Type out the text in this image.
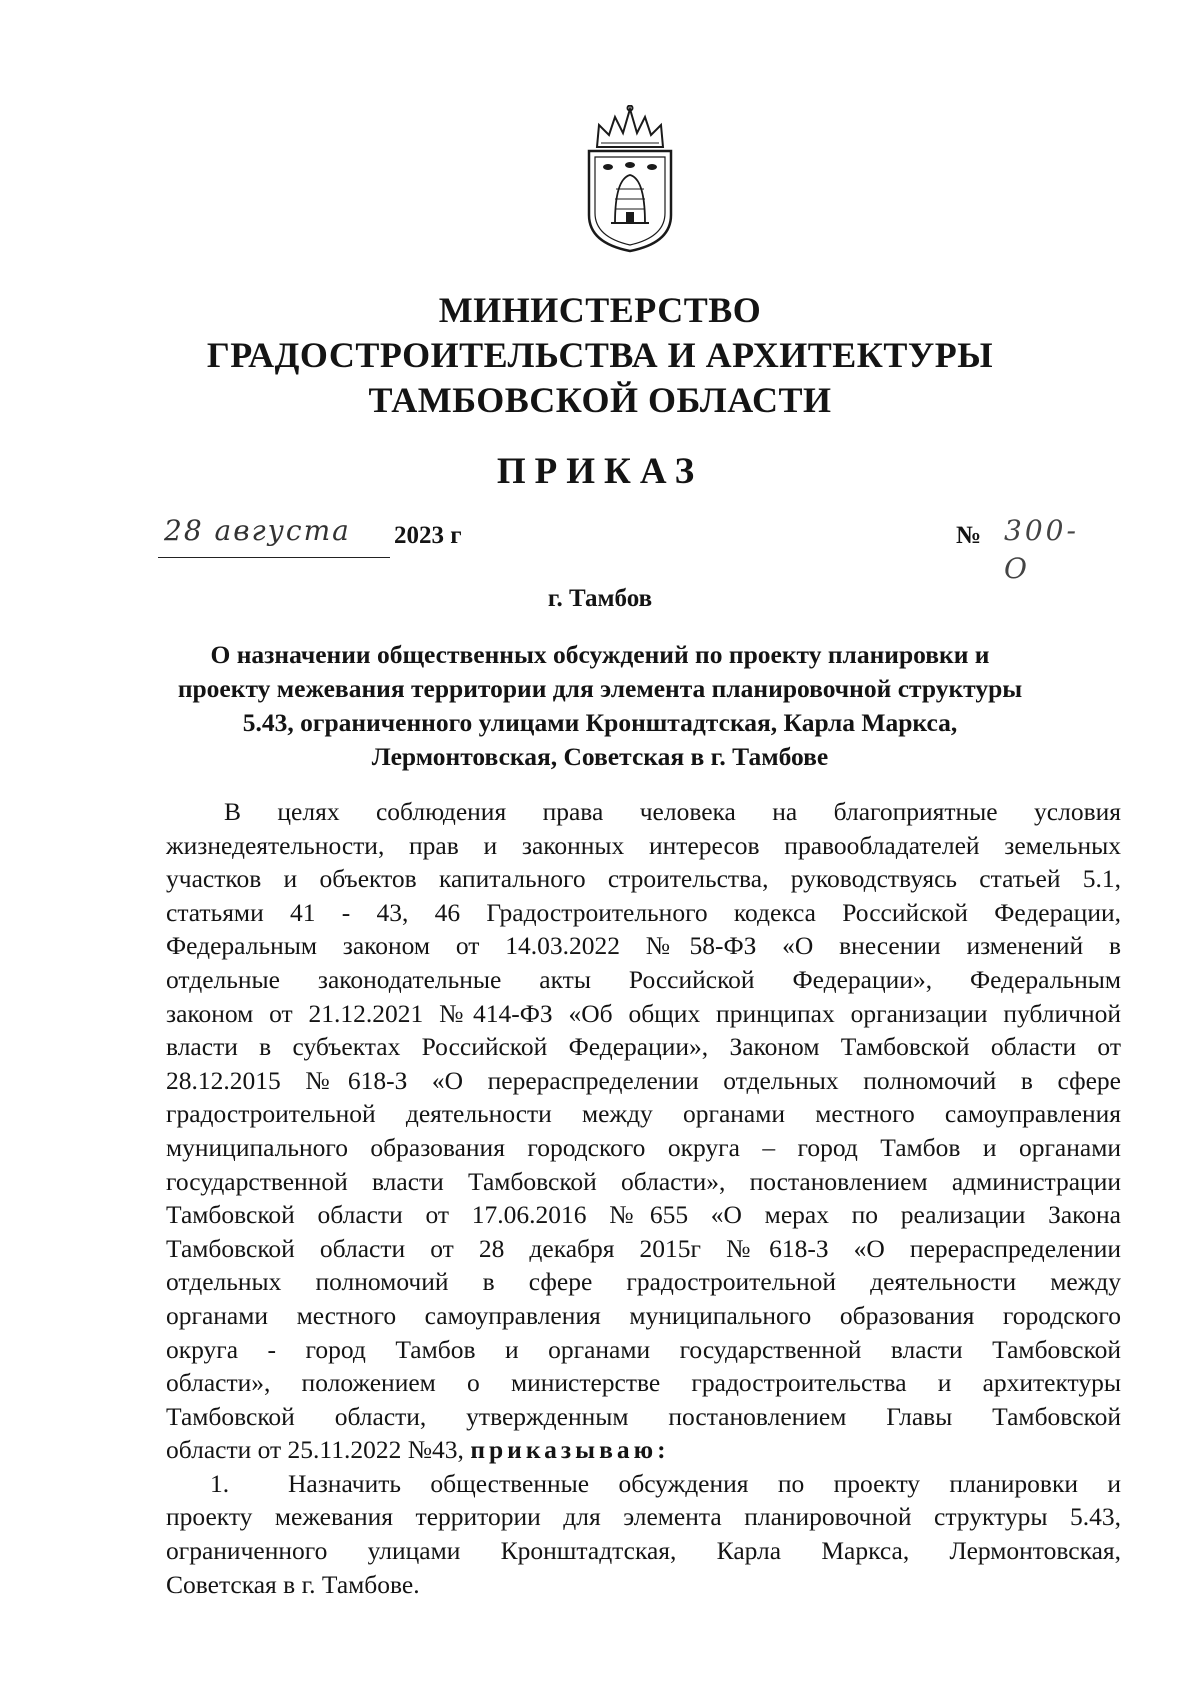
МИНИСТЕРСТВО
ГРАДОСТРОИТЕЛЬСТВА И АРХИТЕКТУРЫ
ТАМБОВСКОЙ ОБЛАСТИ
ПРИКАЗ
28 августа	2023 г	№ 300-О
г. Тамбов
О назначении общественных обсуждений по проекту планировки и
проекту межевания территории для элемента планировочной структуры
5.43, ограниченного улицами Кронштадтская, Карла Маркса,
Лермонтовская, Советская в г. Тамбове
В целях соблюдения права человека на благоприятные условия
жизнедеятельности, прав и законных интересов правообладателей земельных
участков и объектов капитального строительства, руководствуясь статьей 5.1,
статьями 41 - 43, 46 Градостроительного кодекса Российской Федерации,
Федеральным законом от 14.03.2022 №58-ФЗ «О внесении изменений в
отдельные законодательные акты Российской Федерации», Федеральным
законом от 21.12.2021 №414-ФЗ «Об общих принципах организации публичной
власти в субъектах Российской Федерации», Законом Тамбовской области от
28.12.2015 №618-З «О перераспределении отдельных полномочий в сфере
градостроительной деятельности между органами местного самоуправления
муниципального образования городского округа – город Тамбов и органами
государственной власти Тамбовской области», постановлением администрации
Тамбовской области от 17.06.2016 №655 «О мерах по реализации Закона
Тамбовской области от 28 декабря 2015г №618-З «О перераспределении
отдельных полномочий в сфере градостроительной деятельности между
органами местного самоуправления муниципального образования городского
округа - город Тамбов и органами государственной власти Тамбовской
области», положением о министерстве градостроительства и архитектуры
Тамбовской области, утвержденным постановлением Главы Тамбовской
области от 25.11.2022 №43, приказываю:
1. Назначить общественные обсуждения по проекту планировки и
проекту межевания территории для элемента планировочной структуры 5.43,
ограниченного улицами Кронштадтская, Карла Маркса, Лермонтовская,
Советская в г. Тамбове.
